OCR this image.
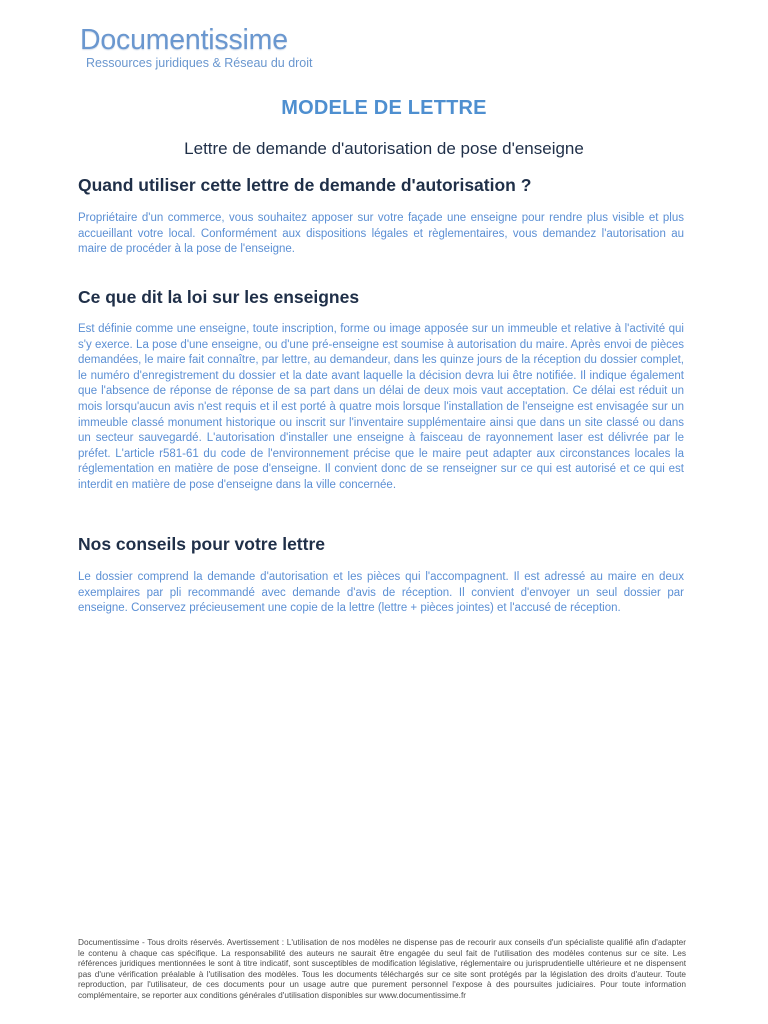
Documentissime
Ressources juridiques & Réseau du droit
MODELE DE LETTRE
Lettre de demande d'autorisation de pose d'enseigne
Quand utiliser cette lettre de demande d'autorisation ?
Propriétaire d'un commerce, vous souhaitez apposer sur votre façade une enseigne pour rendre plus visible et plus accueillant votre local. Conformément aux dispositions légales et règlementaires, vous demandez l'autorisation au maire de procéder à la pose de l'enseigne.
Ce que dit la loi sur les enseignes
Est définie comme une enseigne, toute inscription, forme ou image apposée sur un immeuble et relative à l'activité qui s'y exerce. La pose d'une enseigne, ou d'une pré-enseigne est soumise à autorisation du maire. Après envoi de pièces demandées, le maire fait connaître, par lettre, au demandeur, dans les quinze jours de la réception du dossier complet, le numéro d'enregistrement du dossier et la date avant laquelle la décision devra lui être notifiée. Il indique également que l'absence de réponse de réponse de sa part dans un délai de deux mois vaut acceptation. Ce délai est réduit un mois lorsqu'aucun avis n'est requis et il est porté à quatre mois lorsque l'installation de l'enseigne est envisagée sur un immeuble classé monument historique ou inscrit sur l'inventaire supplémentaire ainsi que dans un site classé ou dans un secteur sauvegardé. L'autorisation d'installer une enseigne à faisceau de rayonnement laser est délivrée par le préfet. L'article r581-61 du code de l'environnement précise que le maire peut adapter aux circonstances locales la réglementation en matière de pose d'enseigne. Il convient donc de se renseigner sur ce qui est autorisé et ce qui est interdit en matière de pose d'enseigne dans la ville concernée.
Nos conseils pour votre lettre
Le dossier comprend la demande d'autorisation et les pièces qui l'accompagnent. Il est adressé au maire en deux exemplaires par pli recommandé avec demande d'avis de réception. Il convient d'envoyer un seul dossier par enseigne. Conservez précieusement une copie de la lettre (lettre + pièces jointes) et l'accusé de réception.
Documentissime - Tous droits réservés. Avertissement : L'utilisation de nos modèles ne dispense pas de recourir aux conseils d'un spécialiste qualifié afin d'adapter le contenu à chaque cas spécifique. La responsabilité des auteurs ne saurait être engagée du seul fait de l'utilisation des modèles contenus sur ce site. Les références juridiques mentionnées le sont à titre indicatif, sont susceptibles de modification législative, réglementaire ou jurisprudentielle ultérieure et ne dispensent pas d'une vérification préalable à l'utilisation des modèles. Tous les documents téléchargés sur ce site sont protégés par la législation des droits d'auteur. Toute reproduction, par l'utilisateur, de ces documents pour un usage autre que purement personnel l'expose à des poursuites judiciaires. Pour toute information complémentaire, se reporter aux conditions générales d'utilisation disponibles sur www.documentissime.fr
